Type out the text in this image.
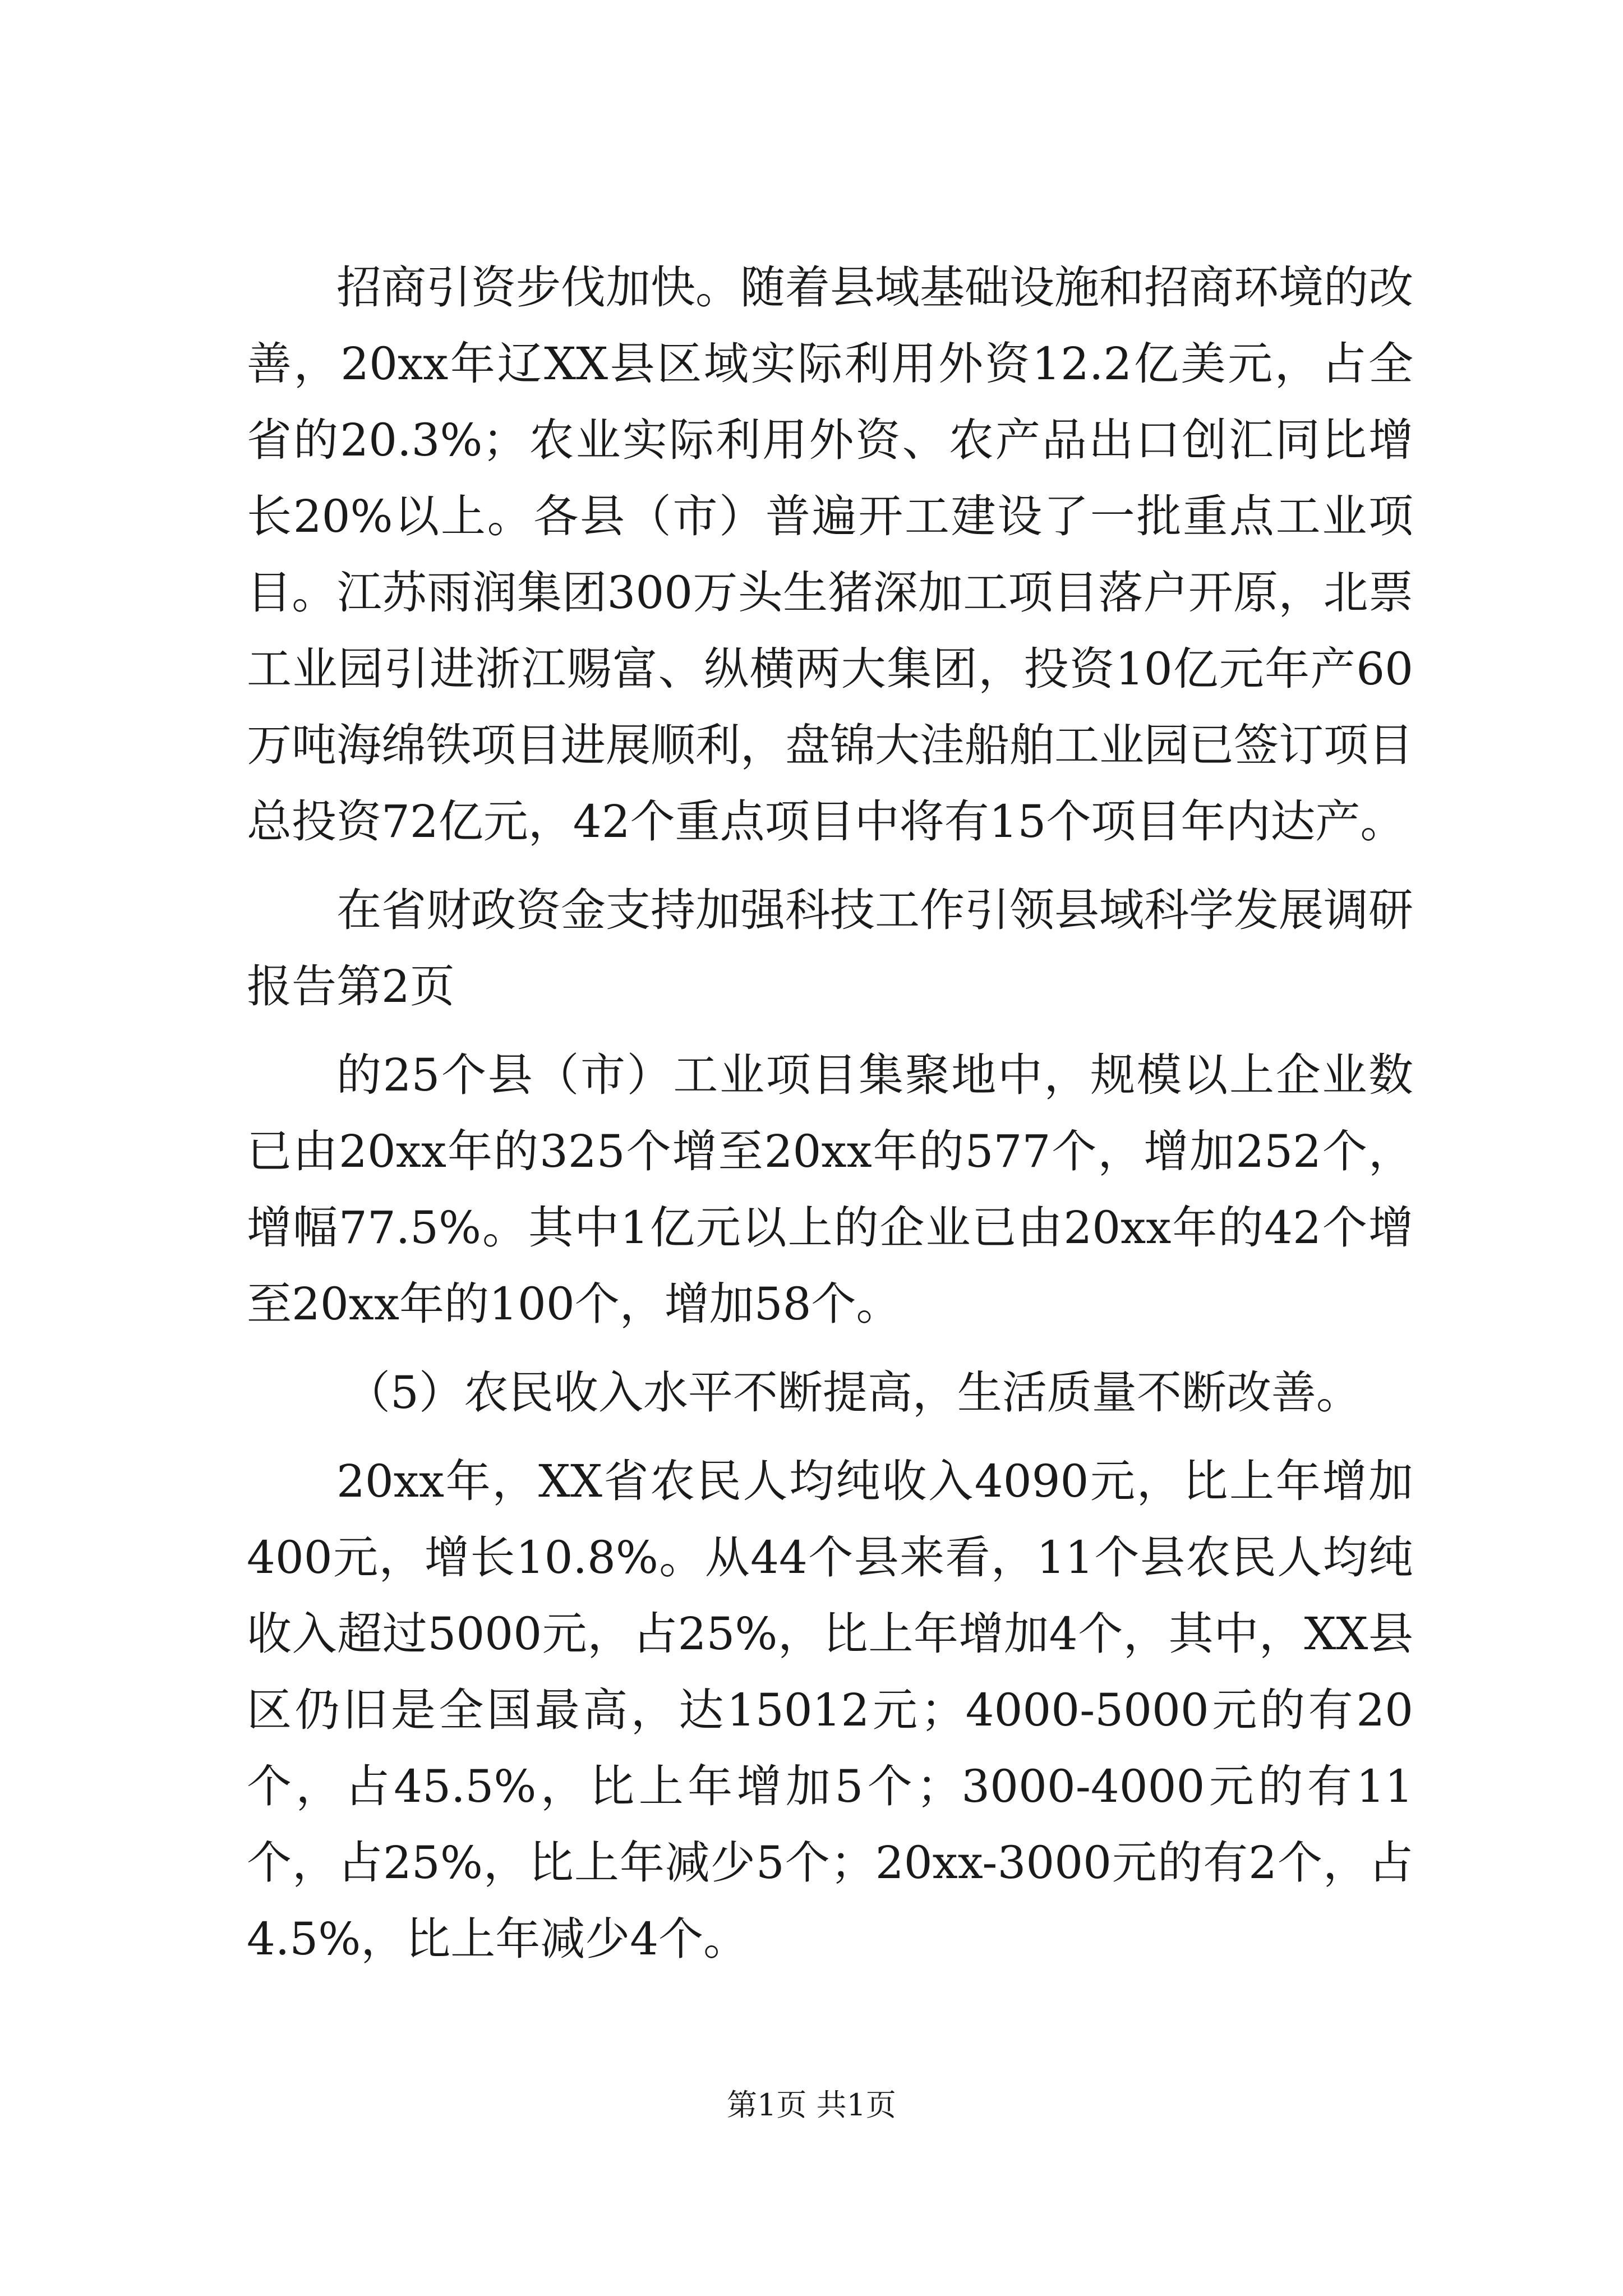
招商引资步伐加快。随着县域基础设施和招商环境的改善，20xx年辽XX县区域实际利用外资12.2亿美元，占全省的20.3%；农业实际利用外资、农产品出口创汇同比增长20%以上。各县（市）普遍开工建设了一批重点工业项目。江苏雨润集团300万头生猪深加工项目落户开原，北票工业园引进浙江赐富、纵横两大集团，投资10亿元年产60万吨海绵铁项目进展顺利，盘锦大洼船舶工业园已签订项目总投资72亿元，42个重点项目中将有15个项目年内达产。

在省财政资金支持加强科技工作引领县域科学发展调研报告第2页

的25个县（市）工业项目集聚地中，规模以上企业数已由20xx年的325个增至20xx年的577个，增加252个，增幅77.5%。其中1亿元以上的企业已由20xx年的42个增至20xx年的100个，增加58个。

（5）农民收入水平不断提高，生活质量不断改善。

20xx年，XX省农民人均纯收入4090元，比上年增加400元，增长10.8%。从44个县来看，11个县农民人均纯收入超过5000元，占25%，比上年增加4个，其中，XX县区仍旧是全国最高，达15012元；4000-5000元的有20个，占45.5%，比上年增加5个；3000-4000元的有11个，占25%，比上年减少5个；20xx-3000元的有2个，占4.5%，比上年减少4个。

第1页 共1页
